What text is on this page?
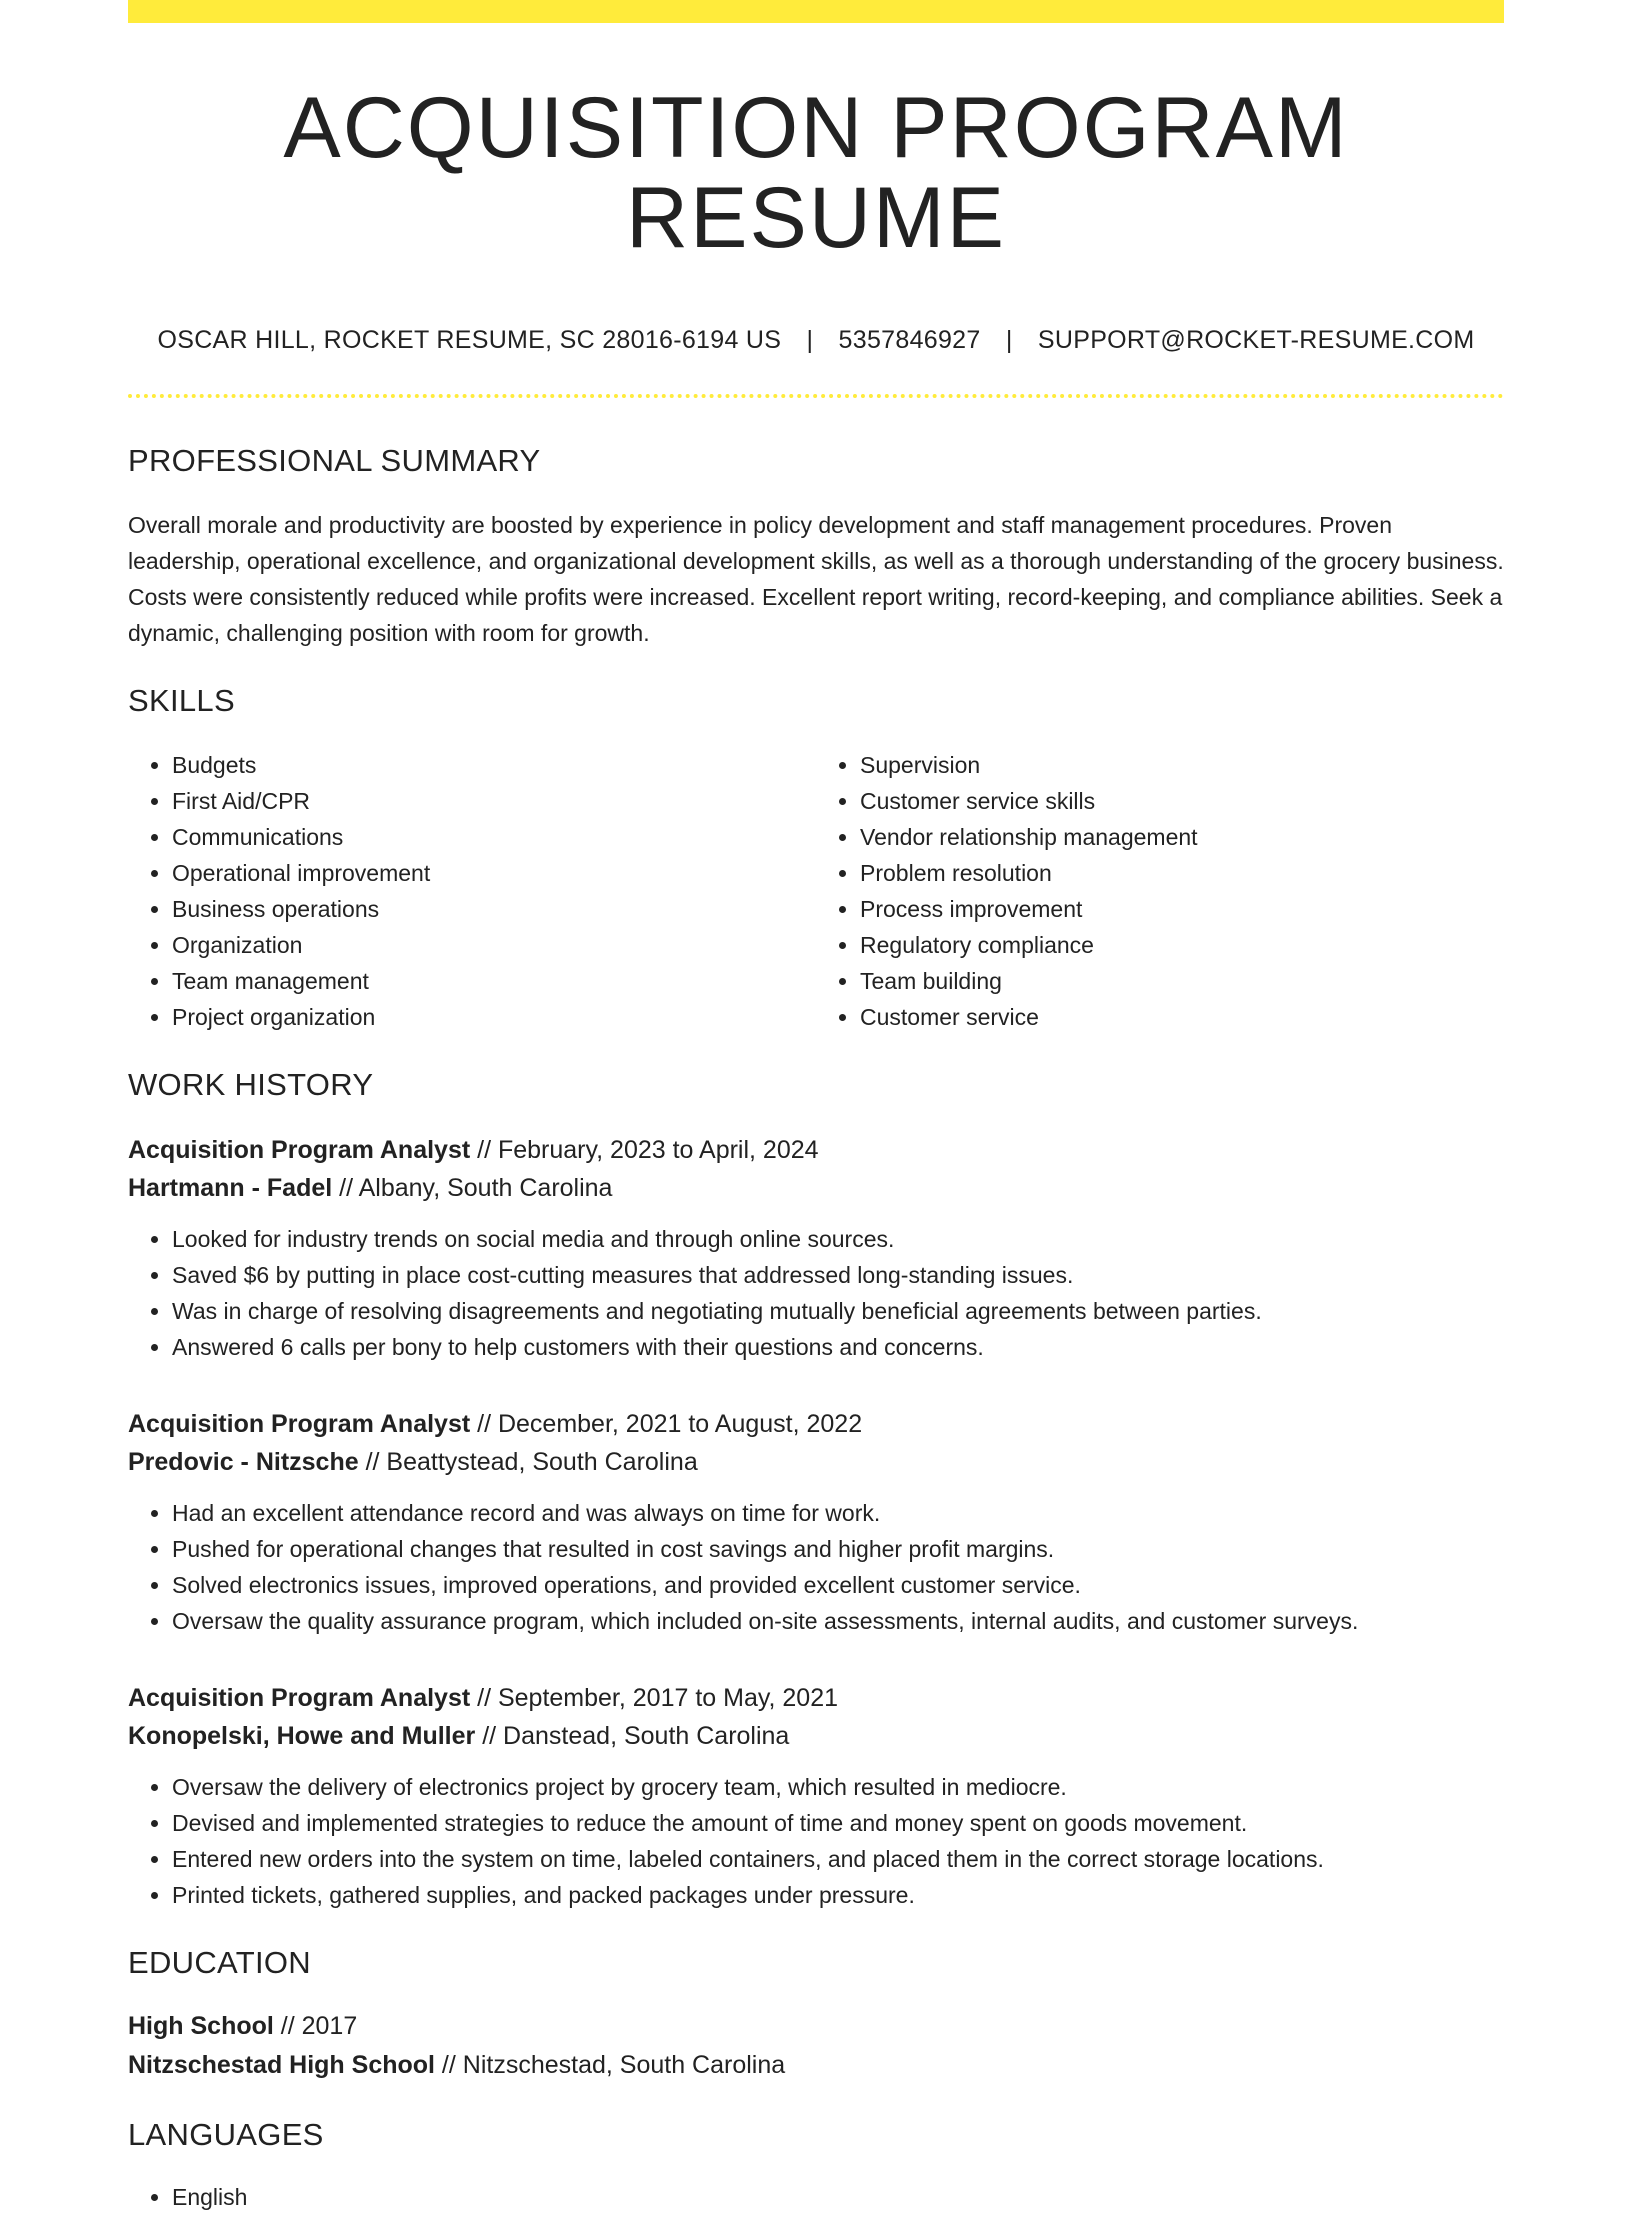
ACQUISITION PROGRAM RESUME
OSCAR HILL, ROCKET RESUME, SC 28016-6194 US | 5357846927 | SUPPORT@ROCKET-RESUME.COM
PROFESSIONAL SUMMARY

Overall morale and productivity are boosted by experience in policy development and staff management procedures. Proven leadership, operational excellence, and organizational development skills, as well as a thorough understanding of the grocery business. Costs were consistently reduced while profits were increased. Excellent report writing, record-keeping, and compliance abilities. Seek a dynamic, challenging position with room for growth.

SKILLS
• Budgets
• First Aid/CPR
• Communications
• Operational improvement
• Business operations
• Organization
• Team management
• Project organization
• Supervision
• Customer service skills
• Vendor relationship management
• Problem resolution
• Process improvement
• Regulatory compliance
• Team building
• Customer service
WORK HISTORY
Acquisition Program Analyst // February, 2023 to April, 2024
Hartmann - Fadel // Albany, South Carolina
• Looked for industry trends on social media and through online sources.
• Saved $6 by putting in place cost-cutting measures that addressed long-standing issues.
• Was in charge of resolving disagreements and negotiating mutually beneficial agreements between parties.
• Answered 6 calls per bony to help customers with their questions and concerns.
Acquisition Program Analyst // December, 2021 to August, 2022
Predovic - Nitzsche // Beattystead, South Carolina
• Had an excellent attendance record and was always on time for work.
• Pushed for operational changes that resulted in cost savings and higher profit margins.
• Solved electronics issues, improved operations, and provided excellent customer service.
• Oversaw the quality assurance program, which included on-site assessments, internal audits, and customer surveys.
Acquisition Program Analyst // September, 2017 to May, 2021
Konopelski, Howe and Muller // Danstead, South Carolina
• Oversaw the delivery of electronics project by grocery team, which resulted in mediocre.
• Devised and implemented strategies to reduce the amount of time and money spent on goods movement.
• Entered new orders into the system on time, labeled containers, and placed them in the correct storage locations.
• Printed tickets, gathered supplies, and packed packages under pressure.
EDUCATION
High School // 2017
Nitzschestad High School // Nitzschestad, South Carolina
LANGUAGES
• English
